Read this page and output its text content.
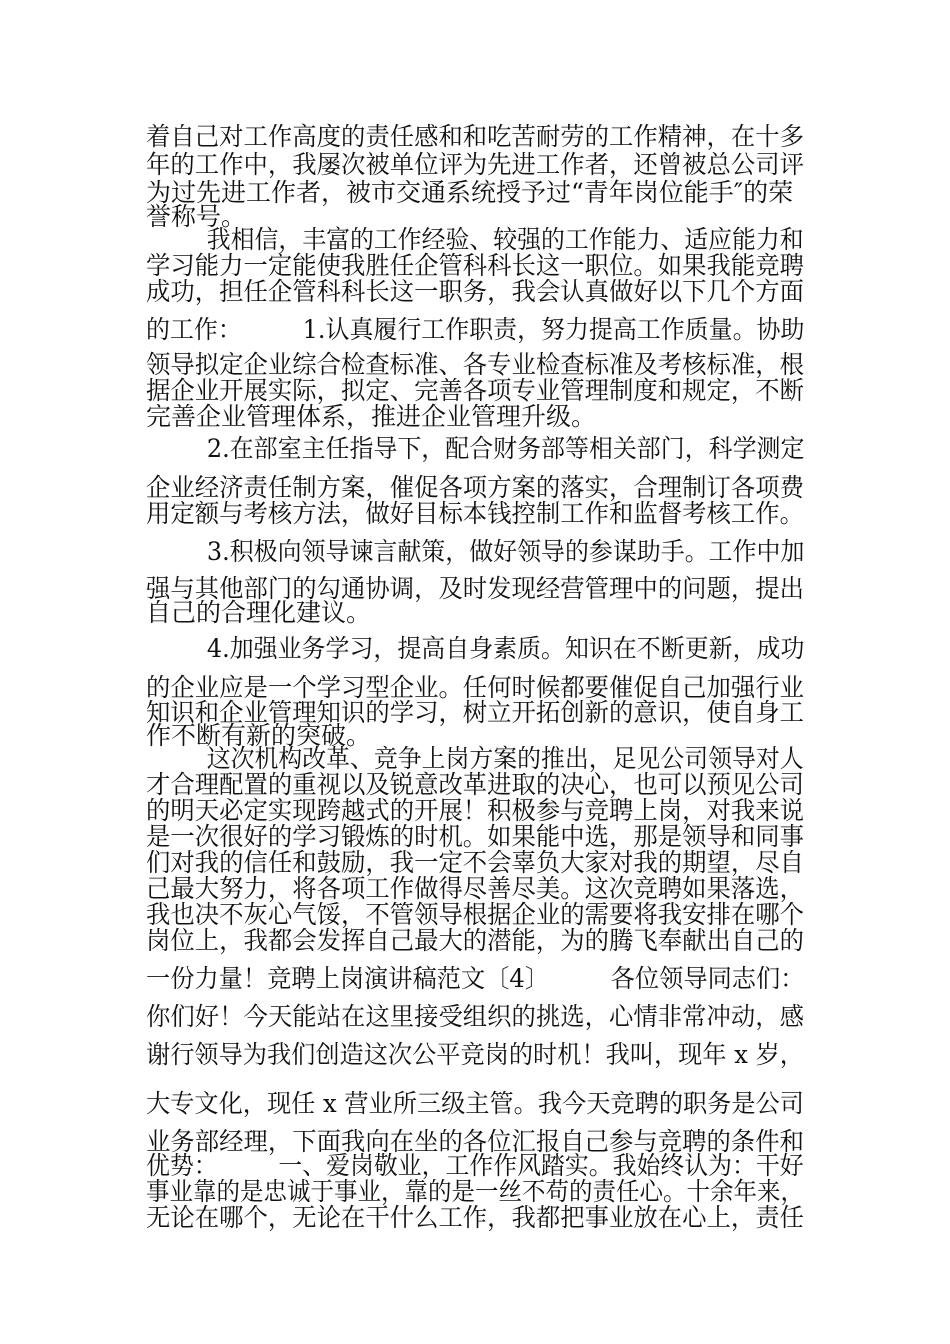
着自己对工作高度的责任感和和吃苦耐劳的工作精神，在十多
年的工作中，我屡次被单位评为先进工作者，还曾被总公司评
为过先进工作者，被市交通系统授予过“青年岗位能手″的荣
誉称号。
我相信，丰富的工作经验、较强的工作能力、适应能力和
学习能力一定能使我胜任企管科科长这一职位。如果我能竞聘
成功，担任企管科科长这一职务，我会认真做好以下几个方面
的工作：        1.认真履行工作职责，努力提高工作质量。协助
领导拟定企业综合检查标准、各专业检查标准及考核标准，根
据企业开展实际，拟定、完善各项专业管理制度和规定，不断
完善企业管理体系，推进企业管理升级。
2.在部室主任指导下，配合财务部等相关部门，科学测定
企业经济责任制方案，催促各项方案的落实，合理制订各项费
用定额与考核方法，做好目标本钱控制工作和监督考核工作。
3.积极向领导谏言献策，做好领导的参谋助手。工作中加
强与其他部门的勾通协调，及时发现经营管理中的问题，提出
自己的合理化建议。
4.加强业务学习，提高自身素质。知识在不断更新，成功
的企业应是一个学习型企业。任何时候都要催促自己加强行业
知识和企业管理知识的学习，树立开拓创新的意识，使自身工
作不断有新的突破。
这次机构改革、竞争上岗方案的推出，足见公司领导对人
才合理配置的重视以及锐意改革进取的决心，也可以预见公司
的明天必定实现跨越式的开展！积极参与竞聘上岗，对我来说
是一次很好的学习锻炼的时机。如果能中选，那是领导和同事
们对我的信任和鼓励，我一定不会辜负大家对我的期望，尽自
己最大努力，将各项工作做得尽善尽美。这次竞聘如果落选，
我也决不灰心气馁，不管领导根据企业的需要将我安排在哪个
岗位上，我都会发挥自己最大的潜能，为的腾飞奉献出自己的
一份力量！竞聘上岗演讲稿范文〔4〕        各位领导同志们：
你们好！今天能站在这里接受组织的挑选，心情非常冲动，感
谢行领导为我们创造这次公平竞岗的时机！我叫，现年 x 岁，
大专文化，现任 x 营业所三级主管。我今天竞聘的职务是公司
业务部经理，下面我向在坐的各位汇报自己参与竞聘的条件和
优势：        一、爱岗敬业，工作作风踏实。我始终认为：干好
事业靠的是忠诚于事业，靠的是一丝不苟的责任心。十余年来，
无论在哪个，无论在干什么工作，我都把事业放在心上，责任
